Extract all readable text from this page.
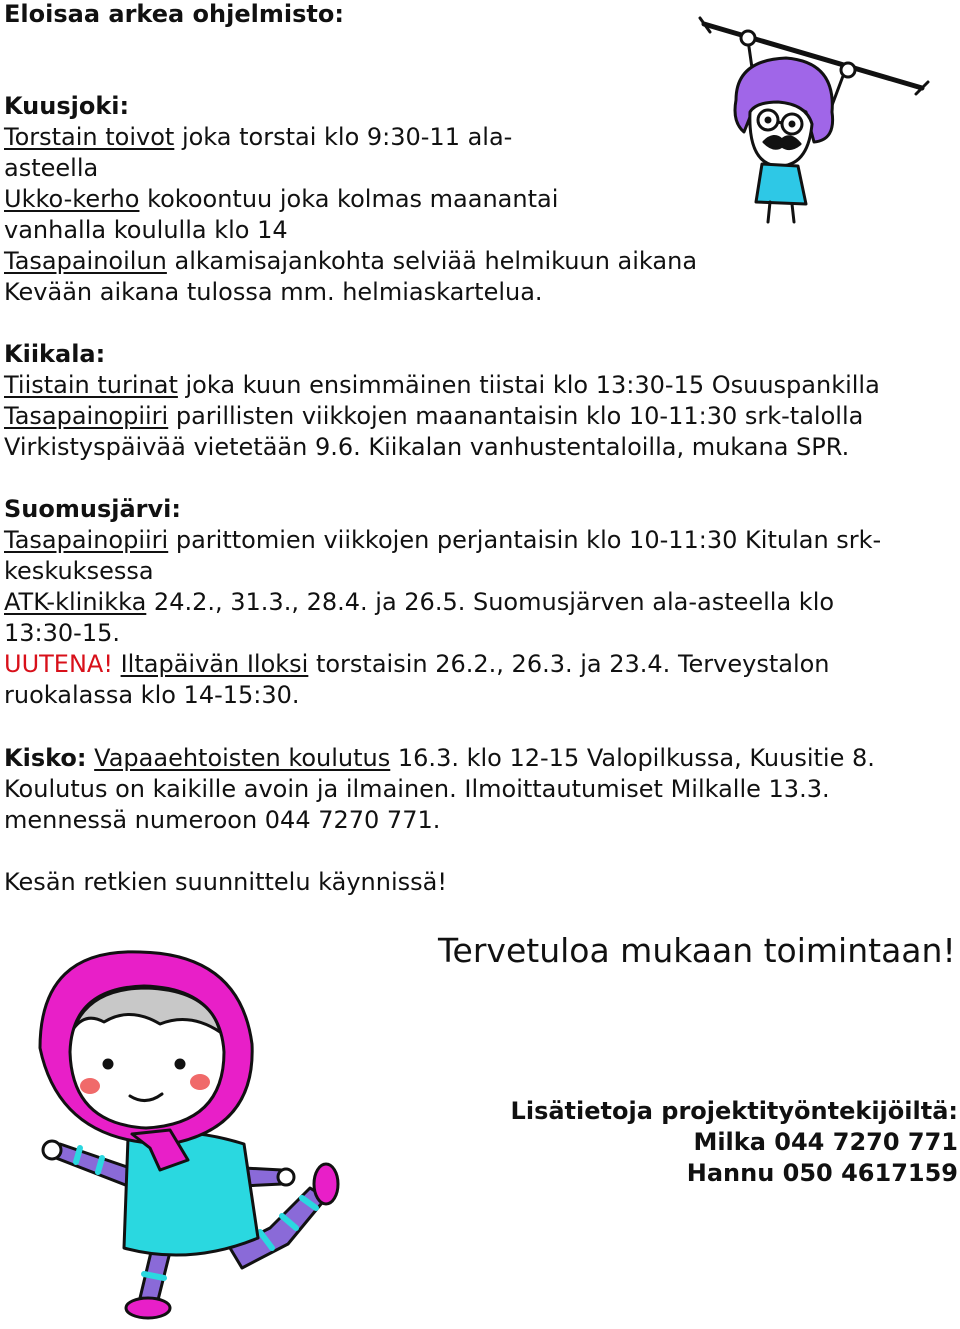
Eloisaa arkea ohjelmisto:

Kuusjoki:

Torstain toivot joka torstai klo 9:30-11 ala-

asteella

Ukko-kerho kokoontuu joka kolmas maanantai

vanhalla koululla klo 14

Tasapainoilun alkamisajankohta selviää helmikuun aikana

Kevään aikana tulossa mm. helmiaskartelua.

Kiikala:

Tiistain turinat joka kuun ensimmäinen tiistai klo 13:30-15 Osuuspankilla

Tasapainopiiri parillisten viikkojen maanantaisin klo 10-11:30 srk-talolla

Virkistyspäivää vietetään 9.6. Kiikalan vanhustentaloilla, mukana SPR.

Suomusjärvi:

Tasapainopiiri parittomien viikkojen perjantaisin klo 10-11:30 Kitulan srk-

keskuksessa

ATK-klinikka 24.2., 31.3., 28.4. ja 26.5. Suomusjärven ala-asteella klo

13:30-15.

UUTENA! Iltapäivän Iloksi torstaisin 26.2., 26.3. ja 23.4. Terveystalon

ruokalassa klo 14-15:30.

Kisko: Vapaaehtoisten koulutus 16.3. klo 12-15 Valopilkussa, Kuusitie 8.

Koulutus on kaikille avoin ja ilmainen. Ilmoittautumiset Milkalle 13.3.

mennessä numeroon 044 7270 771.

Kesän retkien suunnittelu käynnissä!

Tervetuloa mukaan toimintaan!
Lisätietoja projektityöntekijöiltä:
Milka 044 7270 771
Hannu 050 4617159
